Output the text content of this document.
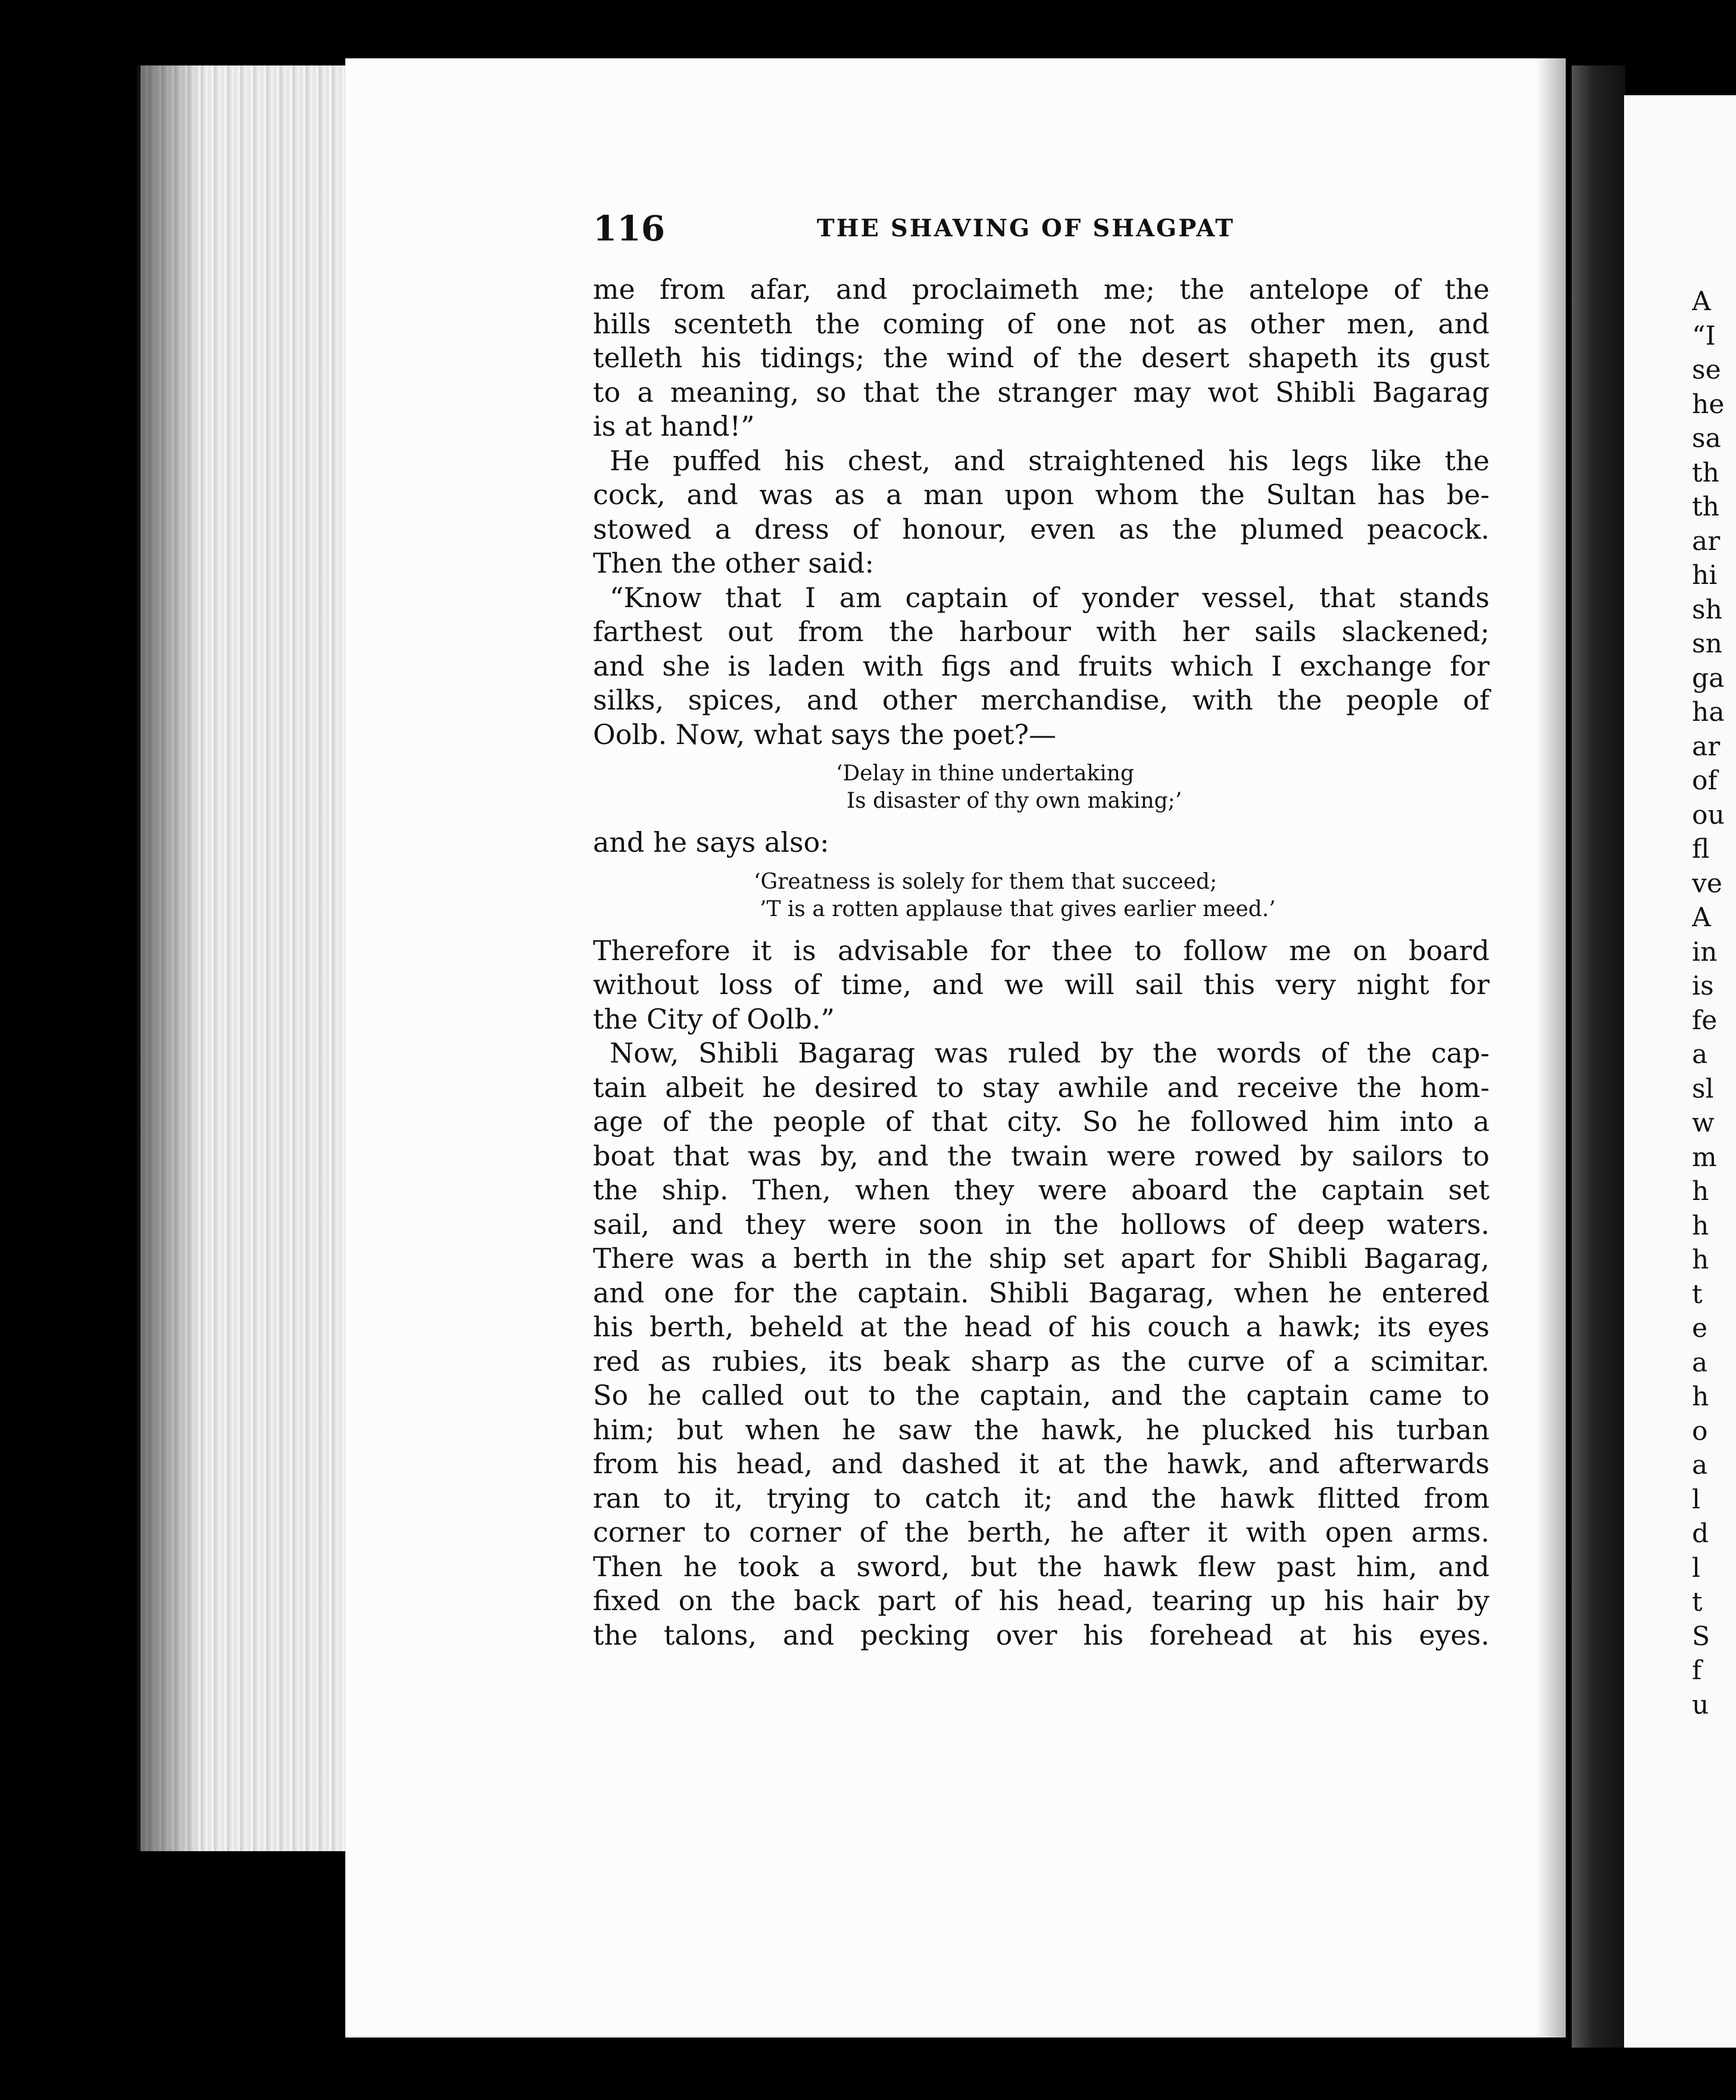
A
“I
se
he
sa
th
th
ar
hi
sh
sn
ga
ha
ar
of
ou
fl
ve
A
in
is
fe
a
sl
w
m
h
h
h
t
e
a
h
o
a
l
d
l
t
S
f
u
116	THE SHAVING OF SHAGPAT
me from afar, and proclaimeth me; the antelope of the
hills scenteth the coming of one not as other men, and
telleth his tidings; the wind of the desert shapeth its gust
to a meaning, so that the stranger may wot Shibli Bagarag
is at hand!”
He puffed his chest, and straightened his legs like the
cock, and was as a man upon whom the Sultan has be-
stowed a dress of honour, even as the plumed peacock.
Then the other said:
“Know that I am captain of yonder vessel, that stands
farthest out from the harbour with her sails slackened;
and she is laden with figs and fruits which I exchange for
silks, spices, and other merchandise, with the people of
Oolb. Now, what says the poet?—
‘Delay in thine undertaking
Is disaster of thy own making;’
and he says also:
‘Greatness is solely for them that succeed;
’T is a rotten applause that gives earlier meed.’
Therefore it is advisable for thee to follow me on board
without loss of time, and we will sail this very night for
the City of Oolb.”
Now, Shibli Bagarag was ruled by the words of the cap-
tain albeit he desired to stay awhile and receive the hom-
age of the people of that city. So he followed him into a
boat that was by, and the twain were rowed by sailors to
the ship. Then, when they were aboard the captain set
sail, and they were soon in the hollows of deep waters.
There was a berth in the ship set apart for Shibli Bagarag,
and one for the captain. Shibli Bagarag, when he entered
his berth, beheld at the head of his couch a hawk; its eyes
red as rubies, its beak sharp as the curve of a scimitar.
So he called out to the captain, and the captain came to
him; but when he saw the hawk, he plucked his turban
from his head, and dashed it at the hawk, and afterwards
ran to it, trying to catch it; and the hawk flitted from
corner to corner of the berth, he after it with open arms.
Then he took a sword, but the hawk flew past him, and
fixed on the back part of his head, tearing up his hair by
the talons, and pecking over his forehead at his eyes.
